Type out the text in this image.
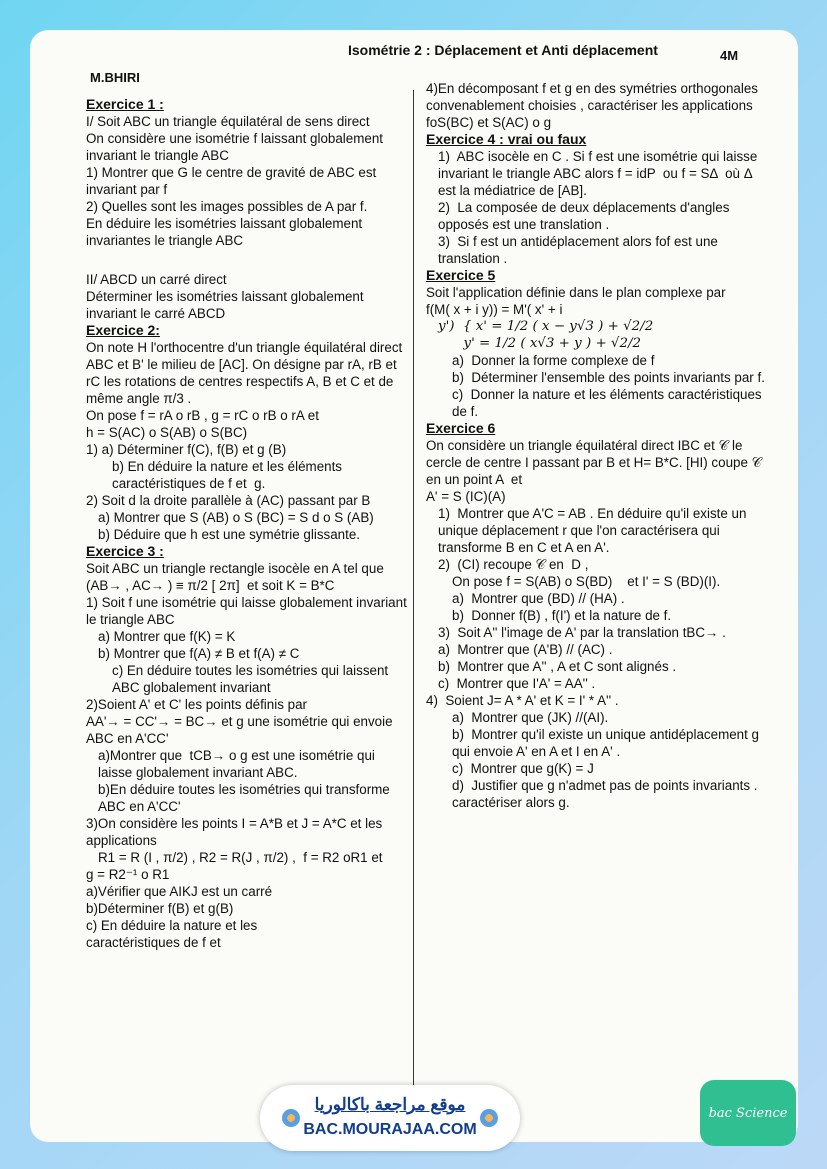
Isométrie 2 : Déplacement et Anti déplacement	4M
M.BHIRI

Exercice 1 :

I/ Soit ABC un triangle équilatéral de sens direct

On considère une isométrie f laissant globalement invariant le triangle ABC

1) Montrer que G le centre de gravité de ABC est invariant par f

2) Quelles sont les images possibles de A par f.

En déduire les isométries laissant globalement invariantes le triangle ABC

II/ ABCD un carré direct

Déterminer les isométries laissant globalement invariant le carré ABCD

Exercice 2:

On note H l'orthocentre d'un triangle équilatéral direct ABC et B' le milieu de [AC]. On désigne par rA, rB et rC les rotations de centres respectifs A, B et C et de même angle π/3 .

On pose f = rA o rB , g = rC o rB o rA et

h = S(AC) o S(AB) o S(BC)

1) a) Déterminer f(C), f(B) et g (B)

b) En déduire la nature et les éléments caractéristiques de f et  g.

2) Soit d la droite parallèle à (AC) passant par B

a) Montrer que S (AB) o S (BC) = S d o S (AB)

b) Déduire que h est une symétrie glissante.

Exercice 3 :

Soit ABC un triangle rectangle isocèle en A tel que (AB→ , AC→ ) ≡ π/2 [ 2π]  et soit K = B*C

1) Soit f une isométrie qui laisse globalement invariant le triangle ABC

a) Montrer que f(K) = K

b) Montrer que f(A) ≠ B et f(A) ≠ C

c) En déduire toutes les isométries qui laissent ABC globalement invariant

2)Soient A' et C' les points définis par

AA'→ = CC'→ = BC→ et g une isométrie qui envoie ABC en A'CC'

a)Montrer que  tCB→ o g est une isométrie qui laisse globalement invariant ABC.

b)En déduire toutes les isométries qui transforme ABC en A'CC'

3)On considère les points I = A*B et J = A*C et les applications

R1 = R (I , π/2) , R2 = R(J , π/2) ,  f = R2 oR1 et

g = R2⁻¹ o R1

a)Vérifier que AIKJ est un carré

b)Déterminer f(B) et g(B)

c) En déduire la nature et les

caractéristiques de f et

4)En décomposant f et g en des symétries orthogonales convenablement choisies , caractériser les applications foS(BC) et S(AC) o g

Exercice 4 : vrai ou faux

1)  ABC isocèle en C . Si f est une isométrie qui laisse invariant le triangle ABC alors f = idP  ou f = SΔ  où Δ est la médiatrice de [AB].

2)  La composée de deux déplacements d'angles opposés est une translation .

3)  Si f est un antidéplacement alors fof est une translation .

Exercice 5

Soit l'application définie dans le plan complexe par

f(M( x + i y)) = M'( x' + i

y')  { x' = 1/2 ( x − y√3 ) + √2/2

y' = 1/2 ( x√3 + y ) + √2/2

a)  Donner la forme complexe de f

b)  Déterminer l'ensemble des points invariants par f.

c)  Donner la nature et les éléments caractéristiques de f.

Exercice 6

On considère un triangle équilatéral direct IBC et 𝒞 le cercle de centre I passant par B et H= B*C. [HI) coupe 𝒞 en un point A  et

A' = S (IC)(A)

1)  Montrer que A'C = AB . En déduire qu'il existe un unique déplacement r que l'on caractérisera qui transforme B en C et A en A'.

2)  (CI) recoupe 𝒞 en  D ,

On pose f = S(AB) o S(BD)    et I' = S (BD)(I).

a)  Montrer que (BD) // (HA) .

b)  Donner f(B) , f(I') et la nature de f.

3)  Soit A'' l'image de A' par la translation tBC→ .

a)  Montrer que (A'B) // (AC) .

b)  Montrer que A'' , A et C sont alignés .

c)  Montrer que I'A' = AA'' .

4)  Soient J= A * A' et K = I' * A'' .

a)  Montrer que (JK) //(AI).

b)  Montrer qu'il existe un unique antidéplacement g qui envoie A' en A et I en A' .

c)  Montrer que g(K) = J

d)  Justifier que g n'admet pas de points invariants . caractériser alors g.

موقع مراجعة باكالوريا
BAC.MOURAJAA.COM
bac Science
